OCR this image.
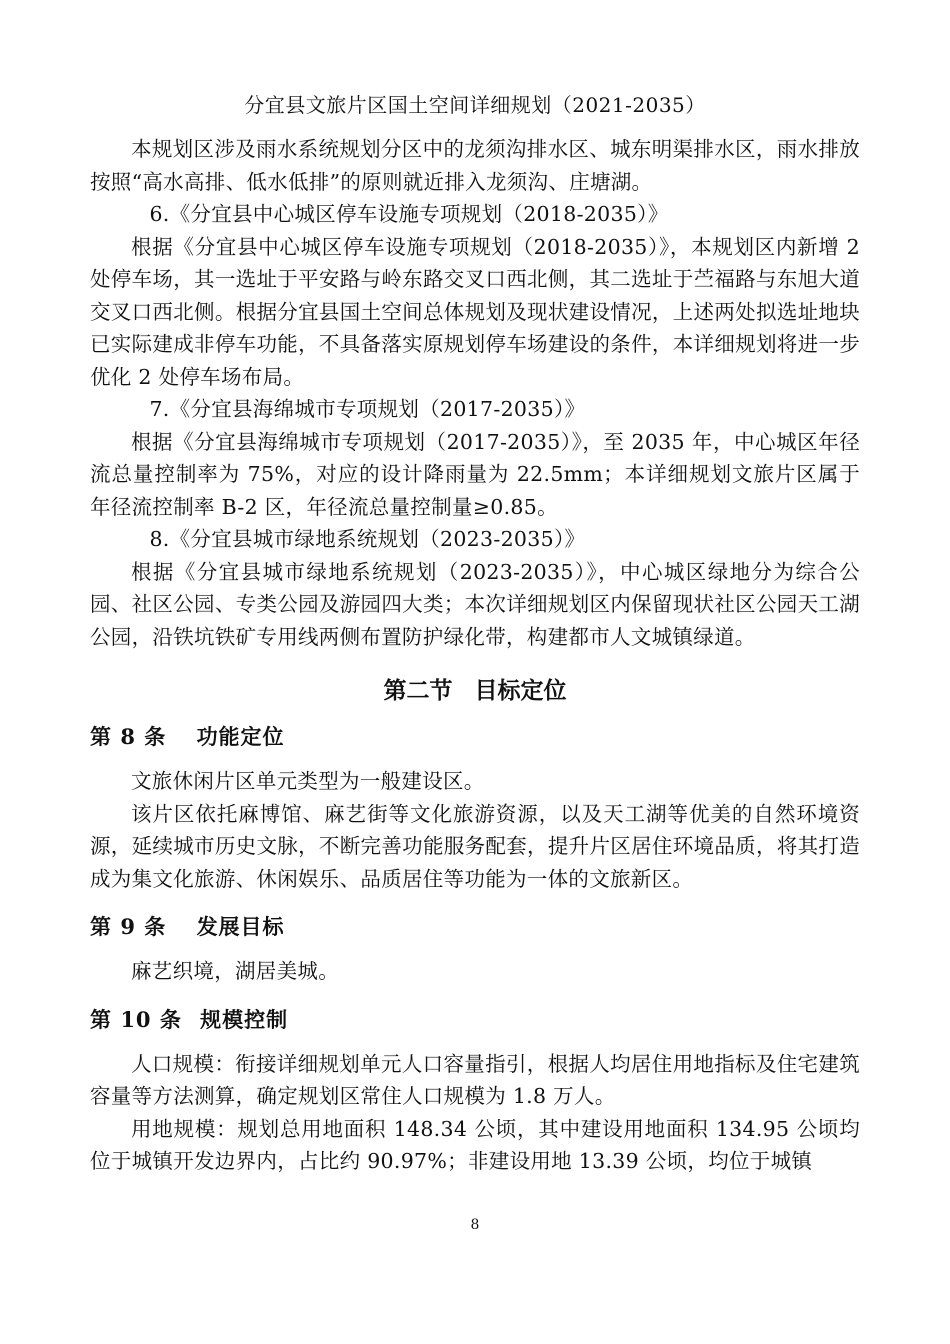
分宜县文旅片区国土空间详细规划（2021-2035）

本规划区涉及雨水系统规划分区中的龙须沟排水区、城东明渠排水区，雨水排放按照“高水高排、低水低排”的原则就近排入龙须沟、庄塘湖。

6.《分宜县中心城区停车设施专项规划（2018-2035）》

根据《分宜县中心城区停车设施专项规划（2018-2035）》，本规划区内新增 2 处停车场，其一选址于平安路与岭东路交叉口西北侧，其二选址于苎福路与东旭大道交叉口西北侧。根据分宜县国土空间总体规划及现状建设情况，上述两处拟选址地块已实际建成非停车功能，不具备落实原规划停车场建设的条件，本详细规划将进一步优化 2 处停车场布局。

7.《分宜县海绵城市专项规划（2017-2035）》

根据《分宜县海绵城市专项规划（2017-2035）》，至 2035 年，中心城区年径流总量控制率为 75%，对应的设计降雨量为 22.5mm；本详细规划文旅片区属于年径流控制率 B-2 区，年径流总量控制量≥0.85。

8.《分宜县城市绿地系统规划（2023-2035）》

根据《分宜县城市绿地系统规划（2023-2035）》，中心城区绿地分为综合公园、社区公园、专类公园及游园四大类；本次详细规划区内保留现状社区公园天工湖公园，沿铁坑铁矿专用线两侧布置防护绿化带，构建都市人文城镇绿道。

第二节 目标定位
第 8 条 功能定位

文旅休闲片区单元类型为一般建设区。

该片区依托麻博馆、麻艺街等文化旅游资源，以及天工湖等优美的自然环境资源，延续城市历史文脉，不断完善功能服务配套，提升片区居住环境品质，将其打造成为集文化旅游、休闲娱乐、品质居住等功能为一体的文旅新区。

第 9 条 发展目标

麻艺织境，湖居美城。

第 10 条 规模控制

人口规模：衔接详细规划单元人口容量指引，根据人均居住用地指标及住宅建筑容量等方法测算，确定规划区常住人口规模为 1.8 万人。

用地规模：规划总用地面积 148.34 公顷，其中建设用地面积 134.95 公顷均位于城镇开发边界内，占比约 90.97%；非建设用地 13.39 公顷，均位于城镇

8
